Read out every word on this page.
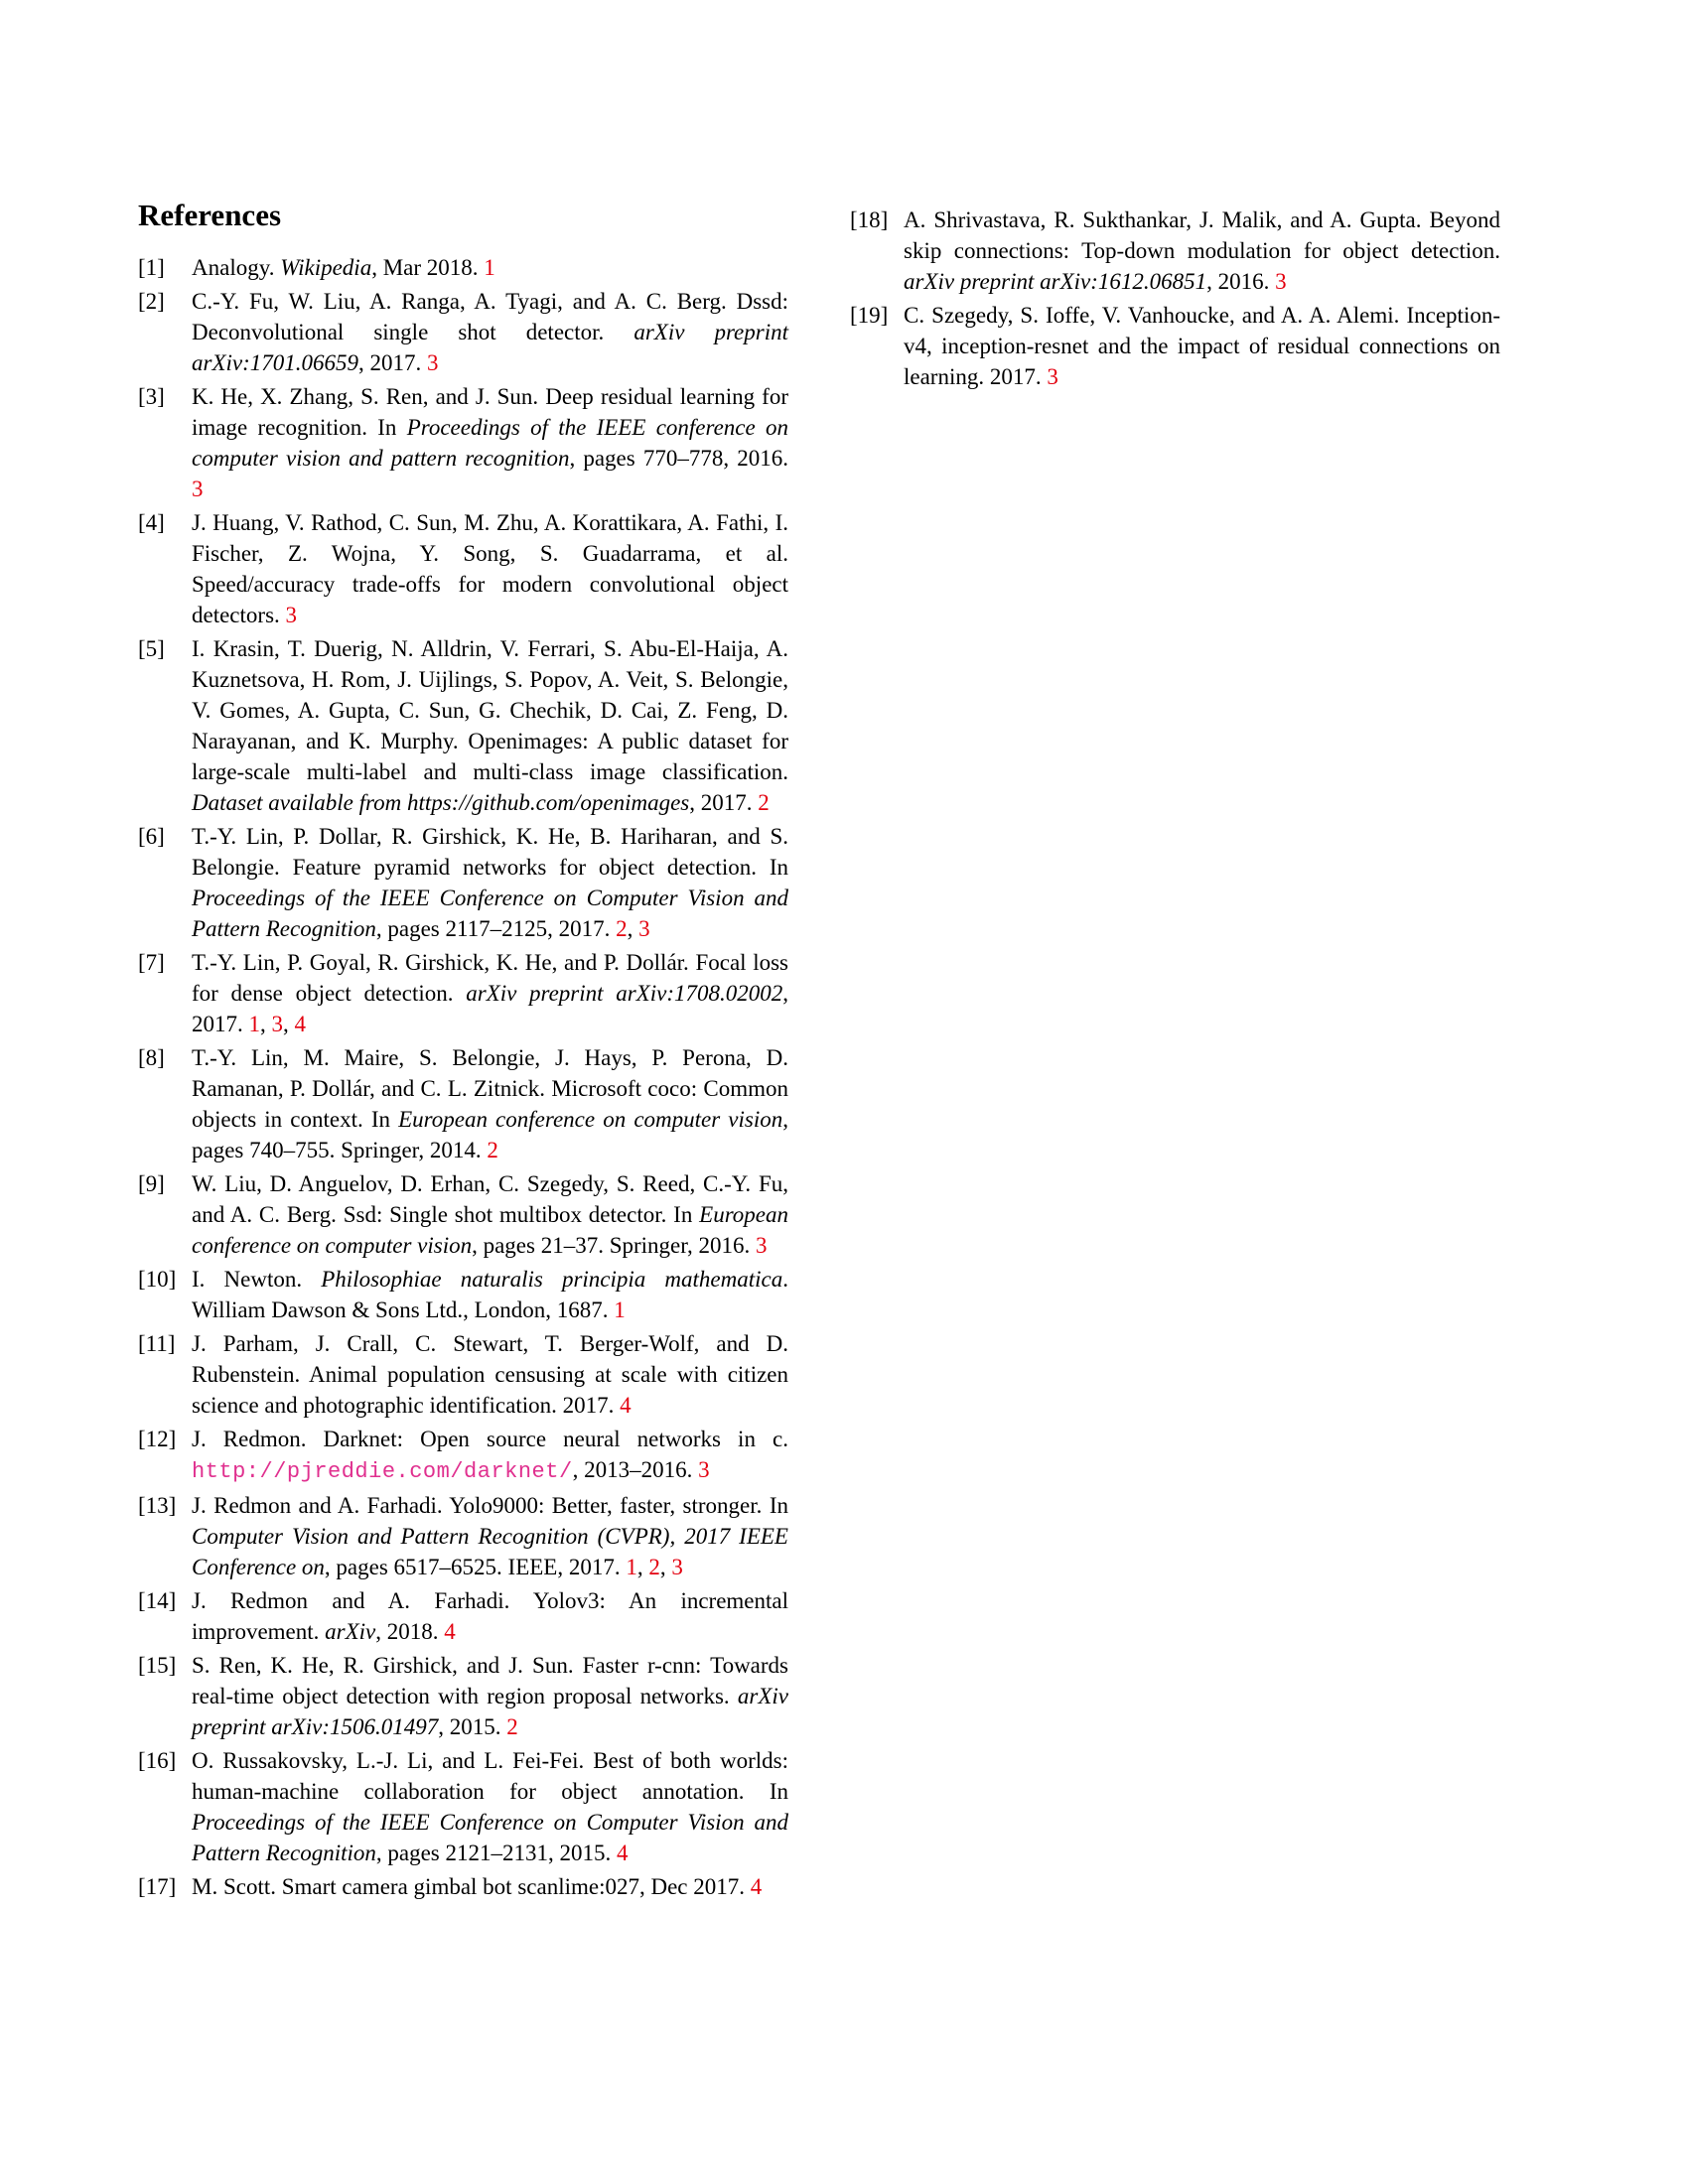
References
[1]	Analogy. Wikipedia, Mar 2018. 1
[2]	C.-Y. Fu, W. Liu, A. Ranga, A. Tyagi, and A. C. Berg. Dssd: Deconvolutional single shot detector. arXiv preprint arXiv:1701.06659, 2017. 3
[3]	K. He, X. Zhang, S. Ren, and J. Sun. Deep residual learning for image recognition. In Proceedings of the IEEE conference on computer vision and pattern recognition, pages 770–778, 2016. 3
[4]	J. Huang, V. Rathod, C. Sun, M. Zhu, A. Korattikara, A. Fathi, I. Fischer, Z. Wojna, Y. Song, S. Guadarrama, et al. Speed/accuracy trade-offs for modern convolutional object detectors. 3
[5]	I. Krasin, T. Duerig, N. Alldrin, V. Ferrari, S. Abu-El-Haija, A. Kuznetsova, H. Rom, J. Uijlings, S. Popov, A. Veit, S. Belongie, V. Gomes, A. Gupta, C. Sun, G. Chechik, D. Cai, Z. Feng, D. Narayanan, and K. Murphy. Openimages: A public dataset for large-scale multi-label and multi-class image classification. Dataset available from https://github.com/openimages, 2017. 2
[6]	T.-Y. Lin, P. Dollar, R. Girshick, K. He, B. Hariharan, and S. Belongie. Feature pyramid networks for object detection. In Proceedings of the IEEE Conference on Computer Vision and Pattern Recognition, pages 2117–2125, 2017. 2, 3
[7]	T.-Y. Lin, P. Goyal, R. Girshick, K. He, and P. Dollár. Focal loss for dense object detection. arXiv preprint arXiv:1708.02002, 2017. 1, 3, 4
[8]	T.-Y. Lin, M. Maire, S. Belongie, J. Hays, P. Perona, D. Ramanan, P. Dollár, and C. L. Zitnick. Microsoft coco: Common objects in context. In European conference on computer vision, pages 740–755. Springer, 2014. 2
[9]	W. Liu, D. Anguelov, D. Erhan, C. Szegedy, S. Reed, C.-Y. Fu, and A. C. Berg. Ssd: Single shot multibox detector. In European conference on computer vision, pages 21–37. Springer, 2016. 3
[10] I. Newton. Philosophiae naturalis principia mathematica. William Dawson & Sons Ltd., London, 1687. 1
[11] J. Parham, J. Crall, C. Stewart, T. Berger-Wolf, and D. Rubenstein. Animal population censusing at scale with citizen science and photographic identification. 2017. 4
[12] J. Redmon. Darknet: Open source neural networks in c. http://pjreddie.com/darknet/, 2013–2016. 3
[13] J. Redmon and A. Farhadi. Yolo9000: Better, faster, stronger. In Computer Vision and Pattern Recognition (CVPR), 2017 IEEE Conference on, pages 6517–6525. IEEE, 2017. 1, 2, 3
[14] J. Redmon and A. Farhadi. Yolov3: An incremental improvement. arXiv, 2018. 4
[15] S. Ren, K. He, R. Girshick, and J. Sun. Faster r-cnn: Towards real-time object detection with region proposal networks. arXiv preprint arXiv:1506.01497, 2015. 2
[16] O. Russakovsky, L.-J. Li, and L. Fei-Fei. Best of both worlds: human-machine collaboration for object annotation. In Proceedings of the IEEE Conference on Computer Vision and Pattern Recognition, pages 2121–2131, 2015. 4
[17] M. Scott. Smart camera gimbal bot scanlime:027, Dec 2017. 4
[18] A. Shrivastava, R. Sukthankar, J. Malik, and A. Gupta. Beyond skip connections: Top-down modulation for object detection. arXiv preprint arXiv:1612.06851, 2016. 3
[19] C. Szegedy, S. Ioffe, V. Vanhoucke, and A. A. Alemi. Inception-v4, inception-resnet and the impact of residual connections on learning. 2017. 3
